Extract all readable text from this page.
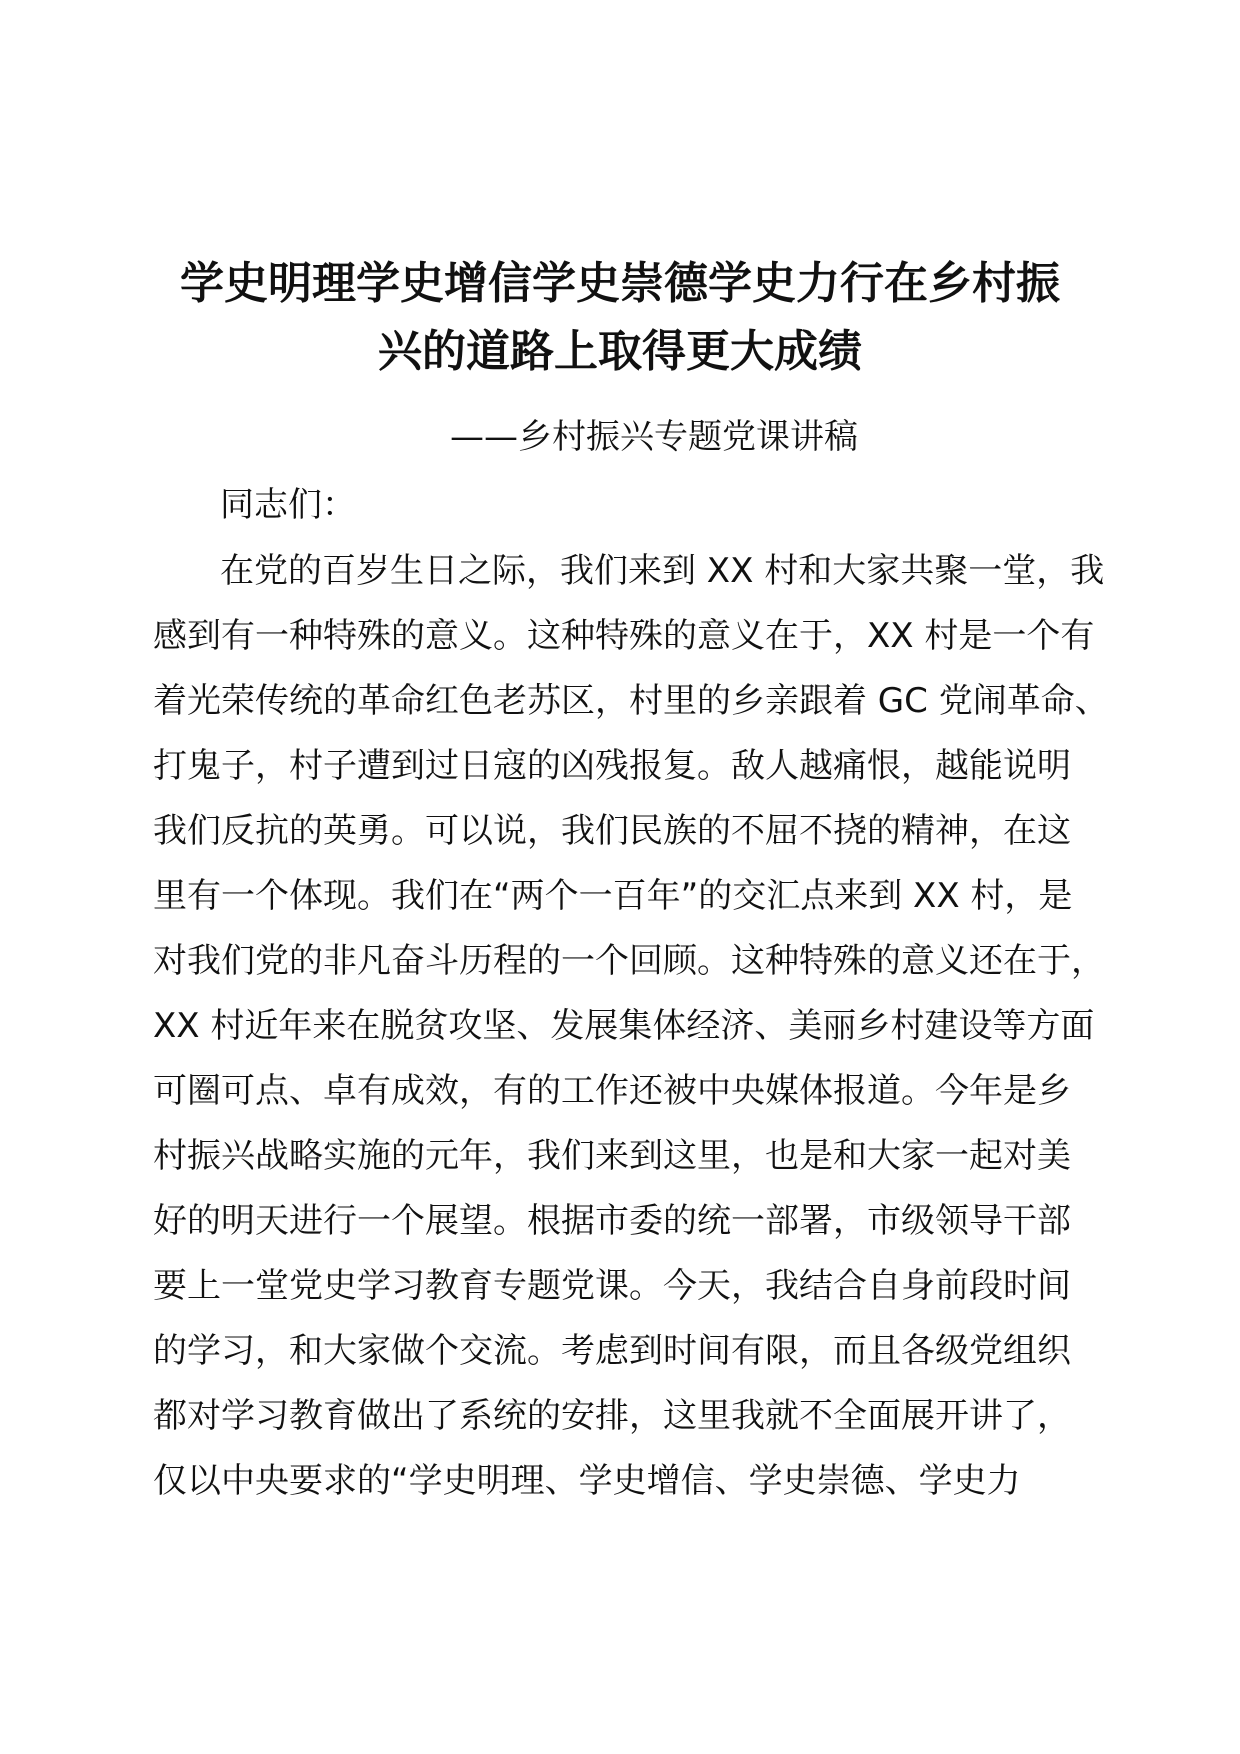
学史明理学史增信学史崇德学史力行在乡村振
兴的道路上取得更大成绩
——乡村振兴专题党课讲稿
同志们：
在党的百岁生日之际，我们来到 XX 村和大家共聚一堂，我
感到有一种特殊的意义。这种特殊的意义在于，XX 村是一个有
着光荣传统的革命红色老苏区，村里的乡亲跟着 GC 党闹革命、
打鬼子，村子遭到过日寇的凶残报复。敌人越痛恨，越能说明
我们反抗的英勇。可以说，我们民族的不屈不挠的精神，在这
里有一个体现。我们在“两个一百年”的交汇点来到 XX 村，是
对我们党的非凡奋斗历程的一个回顾。这种特殊的意义还在于，
XX 村近年来在脱贫攻坚、发展集体经济、美丽乡村建设等方面
可圈可点、卓有成效，有的工作还被中央媒体报道。今年是乡
村振兴战略实施的元年，我们来到这里，也是和大家一起对美
好的明天进行一个展望。根据市委的统一部署，市级领导干部
要上一堂党史学习教育专题党课。今天，我结合自身前段时间
的学习，和大家做个交流。考虑到时间有限，而且各级党组织
都对学习教育做出了系统的安排，这里我就不全面展开讲了，
仅以中央要求的“学史明理、学史增信、学史崇德、学史力
